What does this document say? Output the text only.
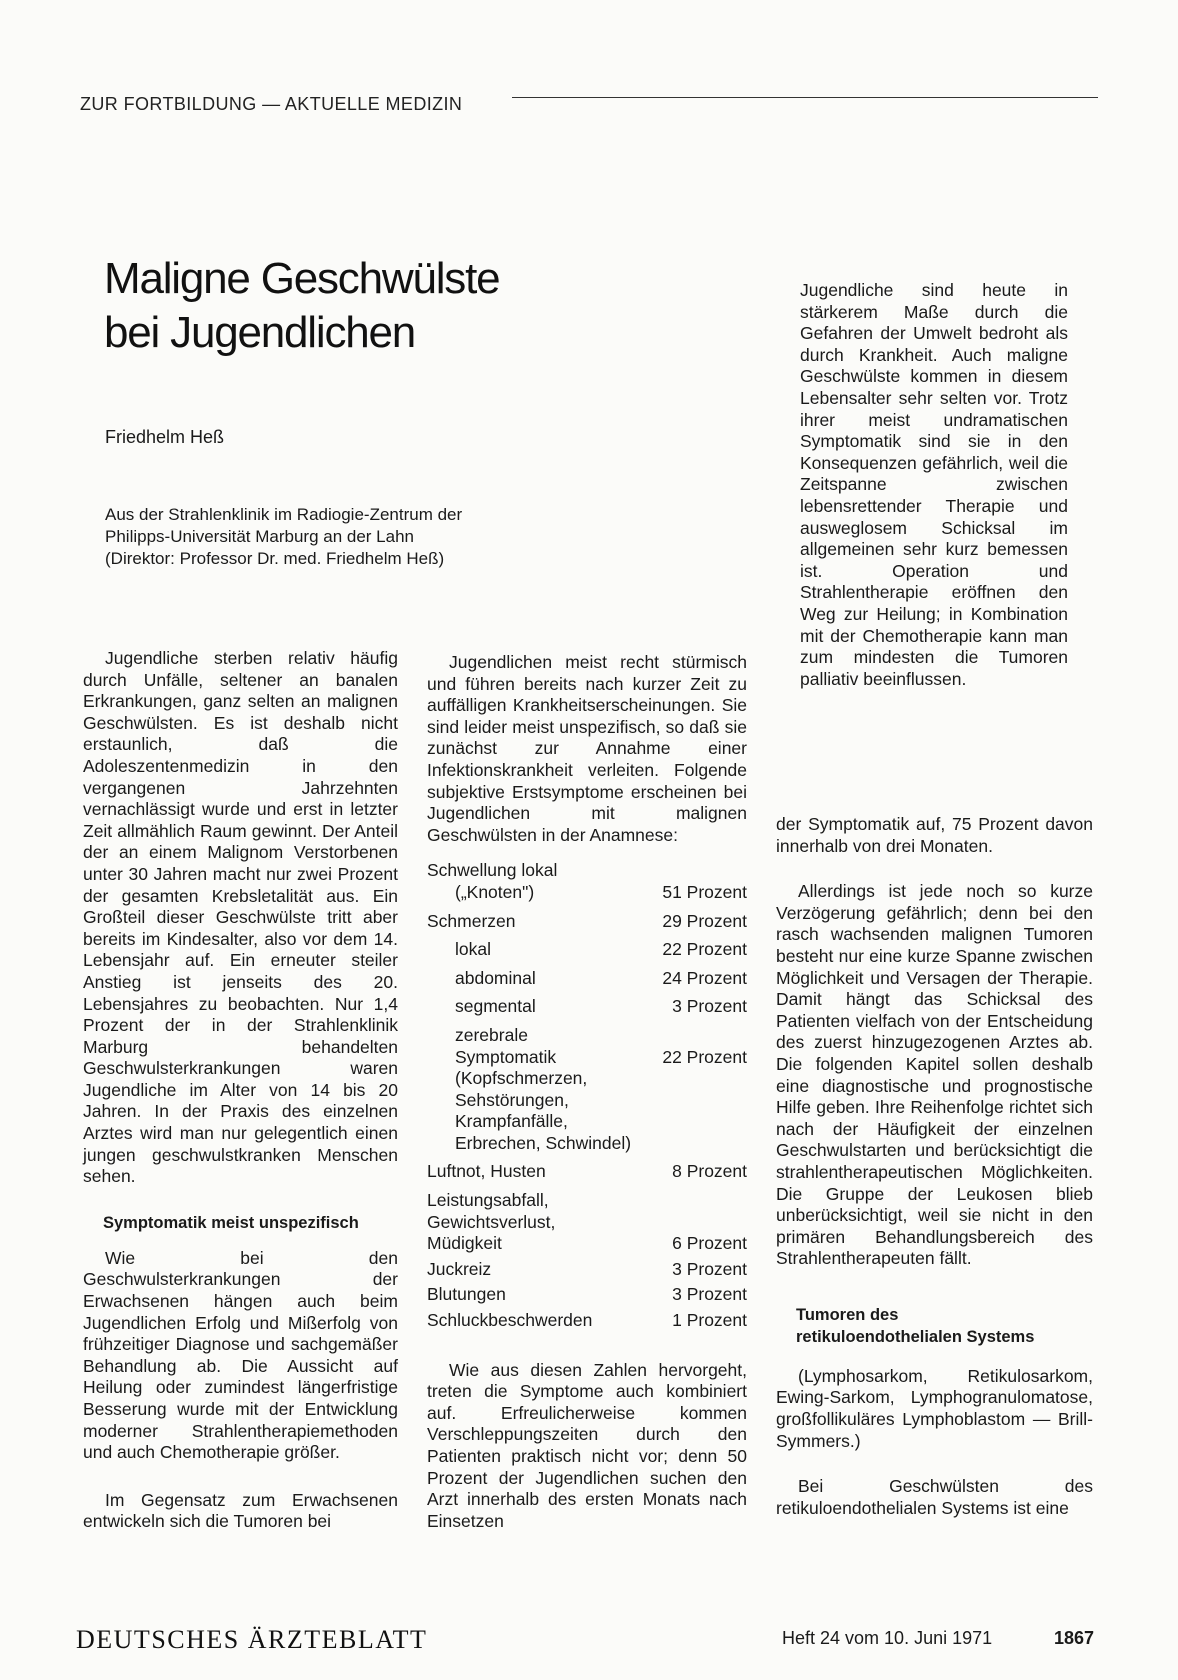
ZUR FORTBILDUNG — AKTUELLE MEDIZIN
Maligne Geschwülste
bei Jugendlichen
Friedhelm Heß
Aus der Strahlenklinik im Radiogie-Zentrum der
Philipps-Universität Marburg an der Lahn
(Direktor: Professor Dr. med. Friedhelm Heß)

Jugendliche sind heute in stärkerem Maße durch die Gefahren der Umwelt bedroht als durch Krankheit. Auch maligne Geschwülste kommen in diesem Lebensalter sehr selten vor. Trotz ihrer meist undramatischen Symptomatik sind sie in den Konsequenzen gefährlich, weil die Zeitspanne zwischen lebensrettender Therapie und ausweglosem Schicksal im allgemeinen sehr kurz bemessen ist. Operation und Strahlentherapie eröffnen den Weg zur Heilung; in Kombination mit der Chemotherapie kann man zum mindesten die Tumoren palliativ beeinflussen.

Jugendliche sterben relativ häufig durch Unfälle, seltener an banalen Erkrankungen, ganz selten an malignen Geschwülsten. Es ist deshalb nicht erstaunlich, daß die Adoleszentenmedizin in den vergangenen Jahrzehnten vernachlässigt wurde und erst in letzter Zeit allmählich Raum gewinnt. Der Anteil der an einem Malignom Verstorbenen unter 30 Jahren macht nur zwei Prozent der gesamten Krebsletalität aus. Ein Großteil dieser Geschwülste tritt aber bereits im Kindesalter, also vor dem 14. Lebensjahr auf. Ein erneuter steiler Anstieg ist jenseits des 20. Lebensjahres zu beobachten. Nur 1,4 Prozent der in der Strahlenklinik Marburg behandelten Geschwulsterkrankungen waren Jugendliche im Alter von 14 bis 20 Jahren. In der Praxis des einzelnen Arztes wird man nur gelegentlich einen jungen geschwulstkranken Menschen sehen.

Symptomatik meist unspezifisch

Wie bei den Geschwulsterkrankungen der Erwachsenen hängen auch beim Jugendlichen Erfolg und Mißerfolg von frühzeitiger Diagnose und sachgemäßer Behandlung ab. Die Aussicht auf Heilung oder zumindest längerfristige Besserung wurde mit der Entwicklung moderner Strahlentherapiemethoden und auch Chemotherapie größer.

Im Gegensatz zum Erwachsenen entwickeln sich die Tumoren bei

Jugendlichen meist recht stürmisch und führen bereits nach kurzer Zeit zu auffälligen Krankheitserscheinungen. Sie sind leider meist unspezifisch, so daß sie zunächst zur Annahme einer Infektionskrankheit verleiten. Folgende subjektive Erstsymptome erscheinen bei Jugendlichen mit malignen Geschwülsten in der Anamnese:

Schwellung lokal
(„Knoten")	51 Prozent
Schmerzen	29 Prozent
lokal	22 Prozent
abdominal	24 Prozent
segmental	3 Prozent
zerebrale Symptomatik	22 Prozent
(Kopfschmerzen, Sehstörungen, Krampfanfälle, Erbrechen, Schwindel)
Luftnot, Husten	8 Prozent
Leistungsabfall, Gewichtsverlust, Müdigkeit	6 Prozent
Juckreiz	3 Prozent
Blutungen	3 Prozent
Schluckbeschwerden	1 Prozent

Wie aus diesen Zahlen hervorgeht, treten die Symptome auch kombiniert auf. Erfreulicherweise kommen Verschleppungszeiten durch den Patienten praktisch nicht vor; denn 50 Prozent der Jugendlichen suchen den Arzt innerhalb des ersten Monats nach Einsetzen

der Symptomatik auf, 75 Prozent davon innerhalb von drei Monaten.

Allerdings ist jede noch so kurze Verzögerung gefährlich; denn bei den rasch wachsenden malignen Tumoren besteht nur eine kurze Spanne zwischen Möglichkeit und Versagen der Therapie. Damit hängt das Schicksal des Patienten vielfach von der Entscheidung des zuerst hinzugezogenen Arztes ab. Die folgenden Kapitel sollen deshalb eine diagnostische und prognostische Hilfe geben. Ihre Reihenfolge richtet sich nach der Häufigkeit der einzelnen Geschwulstarten und berücksichtigt die strahlentherapeutischen Möglichkeiten. Die Gruppe der Leukosen blieb unberücksichtigt, weil sie nicht in den primären Behandlungsbereich des Strahlentherapeuten fällt.

Tumoren des
retikuloendothelialen Systems

(Lymphosarkom, Retikulosarkom, Ewing-Sarkom, Lymphogranulomatose, großfollikuläres Lymphoblastom — Brill-Symmers.)

Bei Geschwülsten des retikuloendothelialen Systems ist eine

DEUTSCHES ÄRZTEBLATT	Heft 24 vom 10. Juni 1971	1867
